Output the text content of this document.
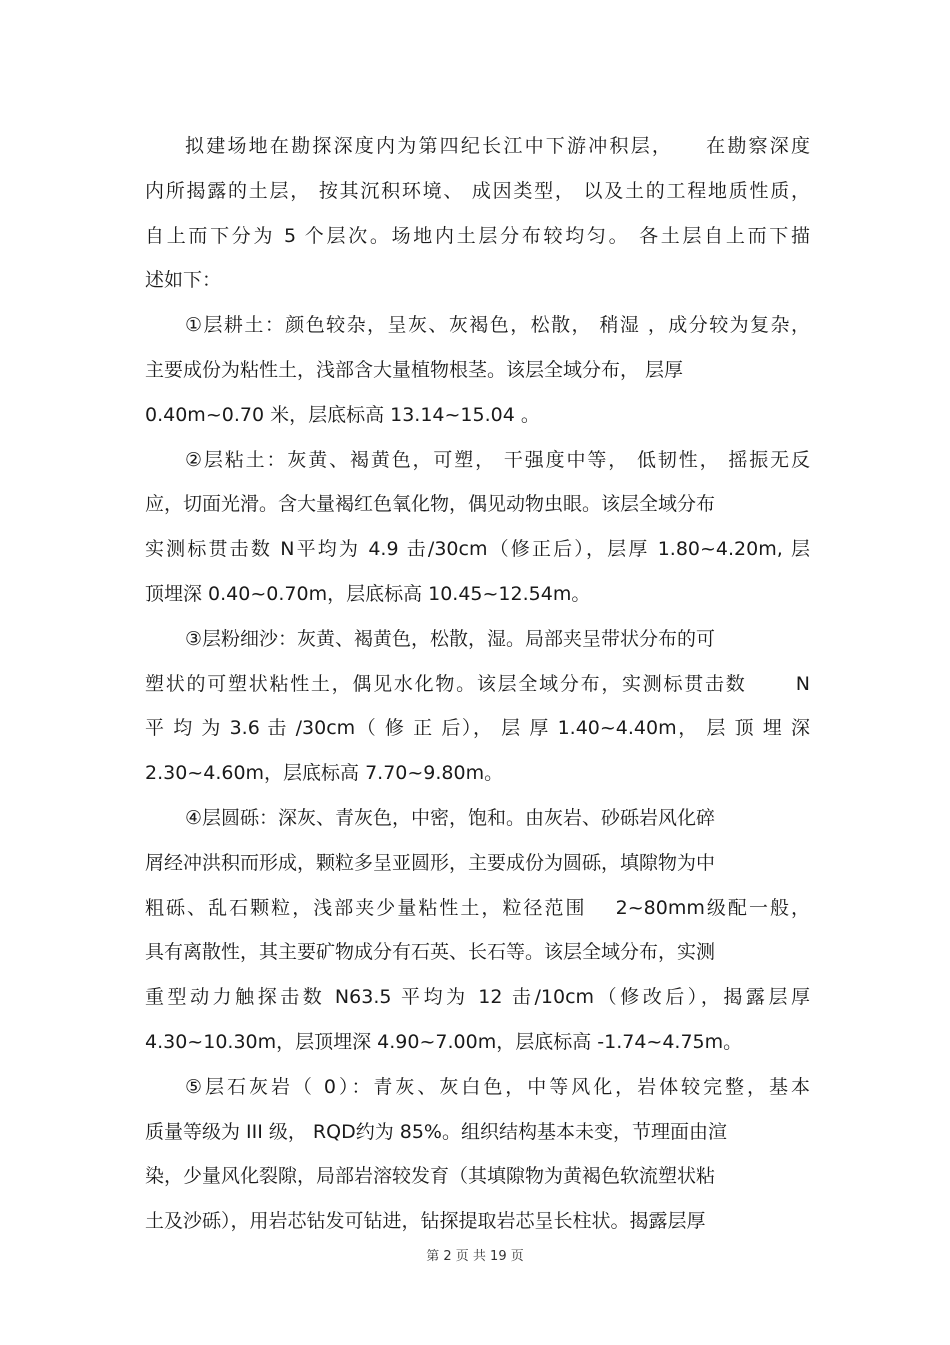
拟建场地在勘探深度内为第四纪长江中下游冲积层，　　在勘察深度
内所揭露的土层， 按其沉积环境、 成因类型， 以及土的工程地质性质，
自上而下分为 5 个层次。场地内土层分布较均匀。 各土层自上而下描
述如下：
①层耕土：颜色较杂，呈灰、灰褐色，松散， 稍湿 ，成分较为复杂，
主要成份为粘性土，浅部含大量植物根茎。该层全域分布， 层厚
0.40m~0.70 米，层底标高 13.14~15.04 。
②层粘土：灰黄、褐黄色，可塑， 干强度中等， 低韧性， 摇振无反
应，切面光滑。含大量褐红色氧化物，偶见动物虫眼。该层全域分布
实测标贯击数 N平均为 4.9 击/30cm（修正后），层厚 1.80~4.20m, 层
顶埋深 0.40~0.70m，层底标高 10.45~12.54m。
③层粉细沙：灰黄、褐黄色，松散，湿。局部夹呈带状分布的可
塑状的可塑状粘性土，偶见水化物。该层全域分布，实测标贯击数　　 N
平 均 为 3.6 击 /30cm（ 修 正 后）， 层 厚 1.40~4.40m， 层 顶 埋 深
2.30~4.60m，层底标高 7.70~9.80m。
④层圆砾：深灰、青灰色，中密，饱和。由灰岩、砂砾岩风化碎
屑经冲洪积而形成，颗粒多呈亚圆形，主要成份为圆砾，填隙物为中
粗砾、乱石颗粒，浅部夹少量粘性土，粒径范围　 2~80mm级配一般，
具有离散性，其主要矿物成分有石英、长石等。该层全域分布，实测
重型动力触探击数 N63.5 平均为 12 击/10cm（修改后），揭露层厚
4.30~10.30m，层顶埋深 4.90~7.00m，层底标高 -1.74~4.75m。
⑤层石灰岩（ 0）：青灰、灰白色，中等风化，岩体较完整，基本
质量等级为 III 级， RQD约为 85%。组织结构基本未变，节理面由渲
染，少量风化裂隙，局部岩溶较发育（其填隙物为黄褐色软流塑状粘
土及沙砾），用岩芯钻发可钻进，钻探提取岩芯呈长柱状。揭露层厚
第 2 页 共 19 页
